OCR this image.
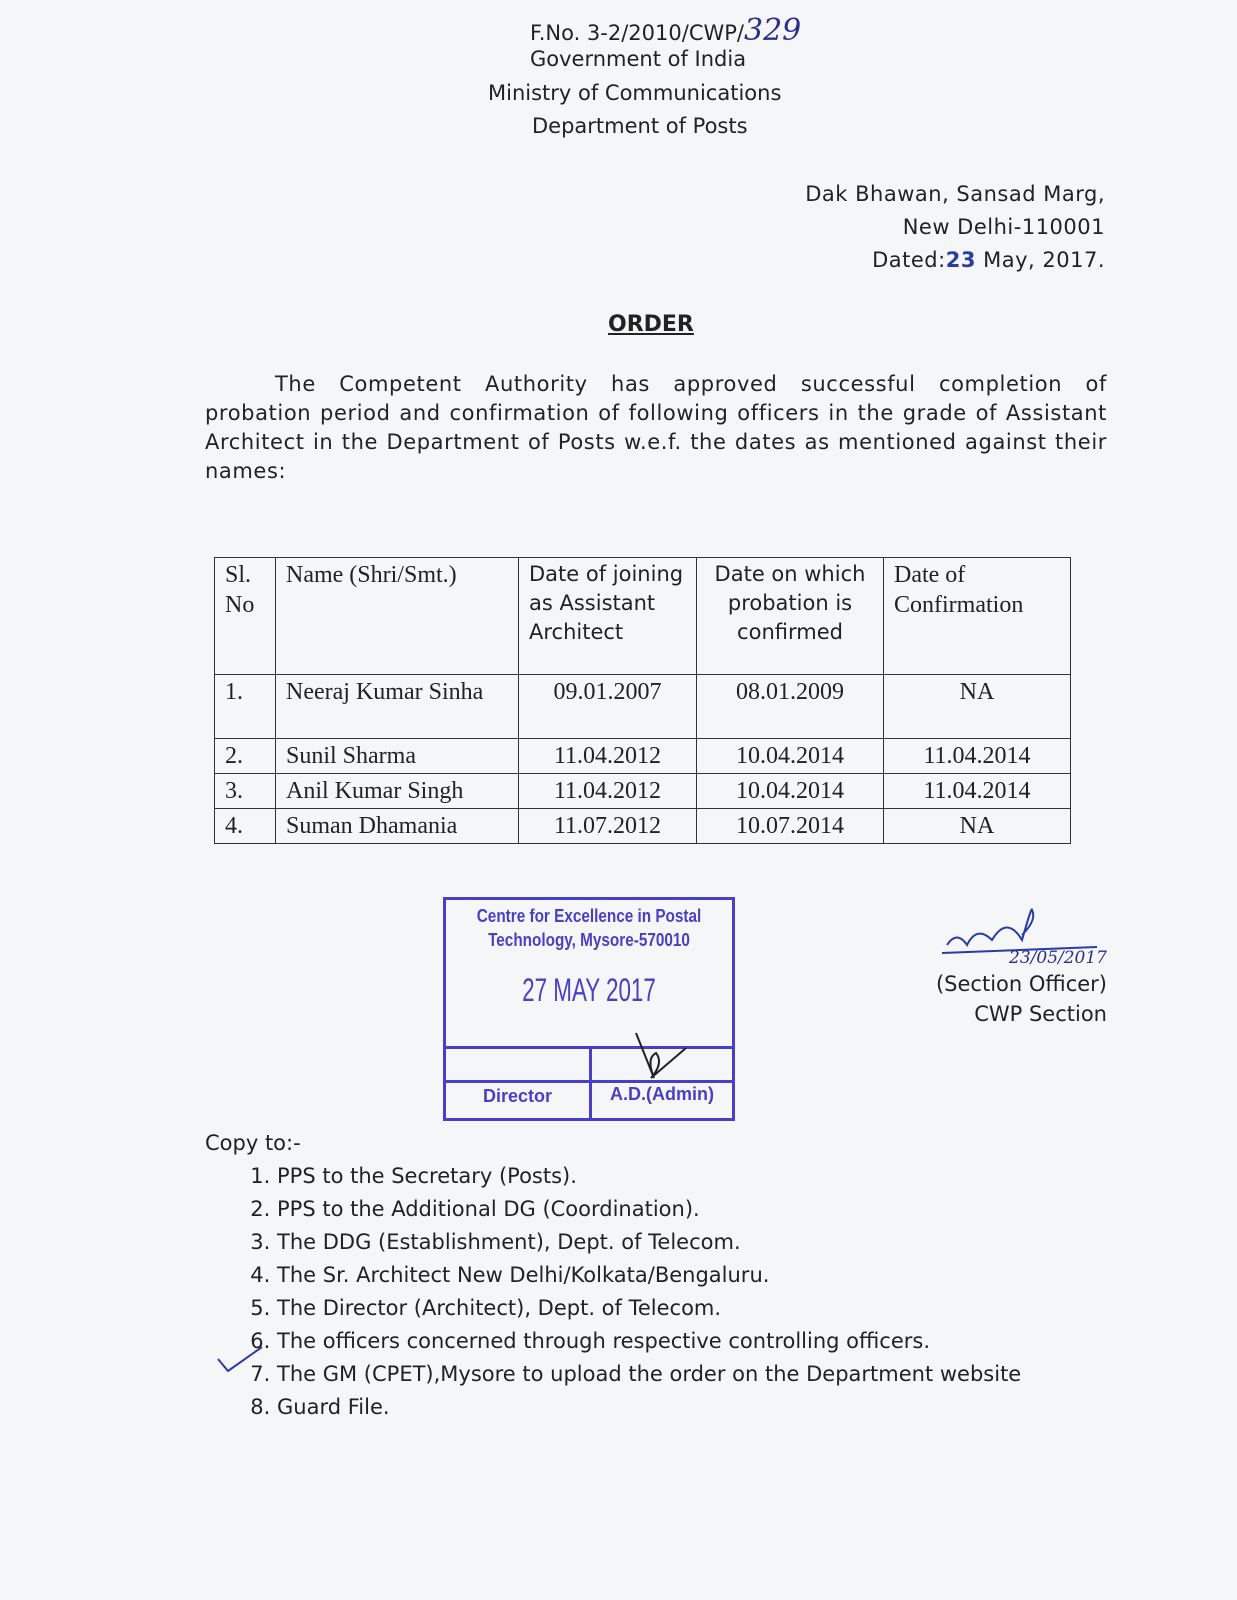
F.No. 3-2/2010/CWP/329
Government of India
Ministry of Communications
Department of Posts
Dak Bhawan, Sansad Marg,
New Delhi-110001
Dated:23 May, 2017.
ORDER
The Competent Authority has approved successful completion of probation period and confirmation of following officers in the grade of Assistant Architect in the Department of Posts w.e.f. the dates as mentioned against their names:
Sl. No	Name (Shri/Smt.)	Date of joining as Assistant Architect	Date on which probation is confirmed	Date of Confirmation
1.	Neeraj Kumar Sinha	09.01.2007	08.01.2009	NA
2.	Sunil Sharma	11.04.2012	10.04.2014	11.04.2014
3.	Anil Kumar Singh	11.04.2012	10.04.2014	11.04.2014
4.	Suman Dhamania	11.07.2012	10.07.2014	NA
Centre for Excellence in Postal
Technology, Mysore-570010
27 MAY 2017
Director	A.D.(Admin)
23/05/2017
(Section Officer)
CWP Section
Copy to:-
1. PPS to the Secretary (Posts).
2. PPS to the Additional DG (Coordination).
3. The DDG (Establishment), Dept. of Telecom.
4. The Sr. Architect New Delhi/Kolkata/Bengaluru.
5. The Director (Architect), Dept. of Telecom.
6. The officers concerned through respective controlling officers.
7. The GM (CPET),Mysore to upload the order on the Department website
8. Guard File.
